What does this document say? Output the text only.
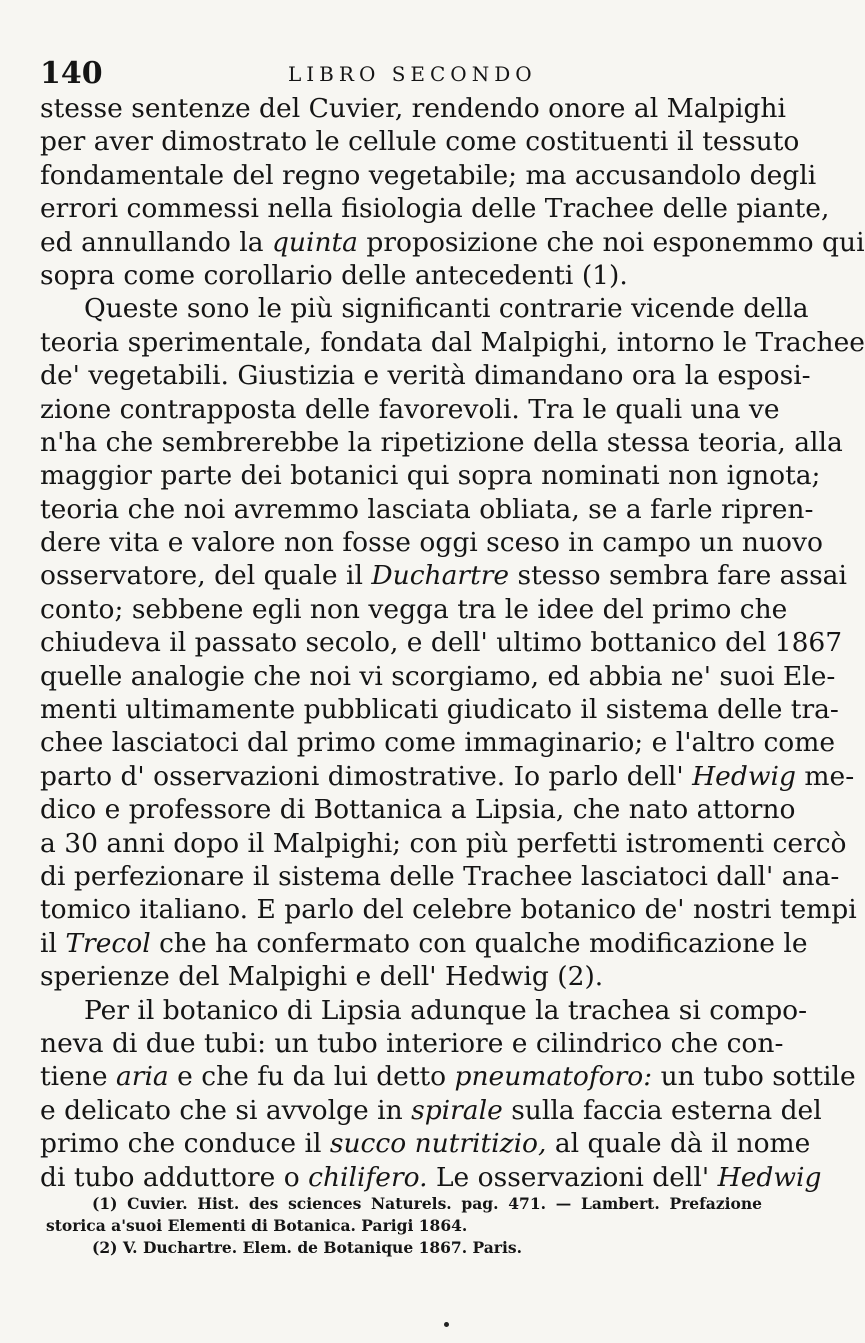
140	LIBRO SECONDO
stesse sentenze del Cuvier, rendendo onore al Malpighi
per aver dimostrato le cellule come costituenti il tessuto
fondamentale del regno vegetabile; ma accusandolo degli
errori commessi nella fisiologia delle Trachee delle piante,
ed annullando la quinta proposizione che noi esponemmo qui
sopra come corollario delle antecedenti (1).
Queste sono le più significanti contrarie vicende della
teoria sperimentale, fondata dal Malpighi, intorno le Trachee
de' vegetabili. Giustizia e verità dimandano ora la esposi-
zione contrapposta delle favorevoli. Tra le quali una ve
n'ha che sembrerebbe la ripetizione della stessa teoria, alla
maggior parte dei botanici qui sopra nominati non ignota;
teoria che noi avremmo lasciata obliata, se a farle ripren-
dere vita e valore non fosse oggi sceso in campo un nuovo
osservatore, del quale il Duchartre stesso sembra fare assai
conto; sebbene egli non vegga tra le idee del primo che
chiudeva il passato secolo, e dell' ultimo bottanico del 1867
quelle analogie che noi vi scorgiamo, ed abbia ne' suoi Ele-
menti ultimamente pubblicati giudicato il sistema delle tra-
chee lasciatoci dal primo come immaginario; e l'altro come
parto d' osservazioni dimostrative. Io parlo dell' Hedwig me-
dico e professore di Bottanica a Lipsia, che nato attorno
a 30 anni dopo il Malpighi; con più perfetti istromenti cercò
di perfezionare il sistema delle Trachee lasciatoci dall' ana-
tomico italiano. E parlo del celebre botanico de' nostri tempi
il Trecol che ha confermato con qualche modificazione le
sperienze del Malpighi e dell' Hedwig (2).
Per il botanico di Lipsia adunque la trachea si compo-
neva di due tubi: un tubo interiore e cilindrico che con-
tiene aria e che fu da lui detto pneumatoforo: un tubo sottile
e delicato che si avvolge in spirale sulla faccia esterna del
primo che conduce il succo nutritizio, al quale dà il nome
di tubo adduttore o chilifero. Le osservazioni dell' Hedwig
(1) Cuvier. Hist. des sciences Naturels. pag. 471. — Lambert. Prefazione
storica a'suoi Elementi di Botanica. Parigi 1864.
(2) V. Duchartre. Elem. de Botanique 1867. Paris.
